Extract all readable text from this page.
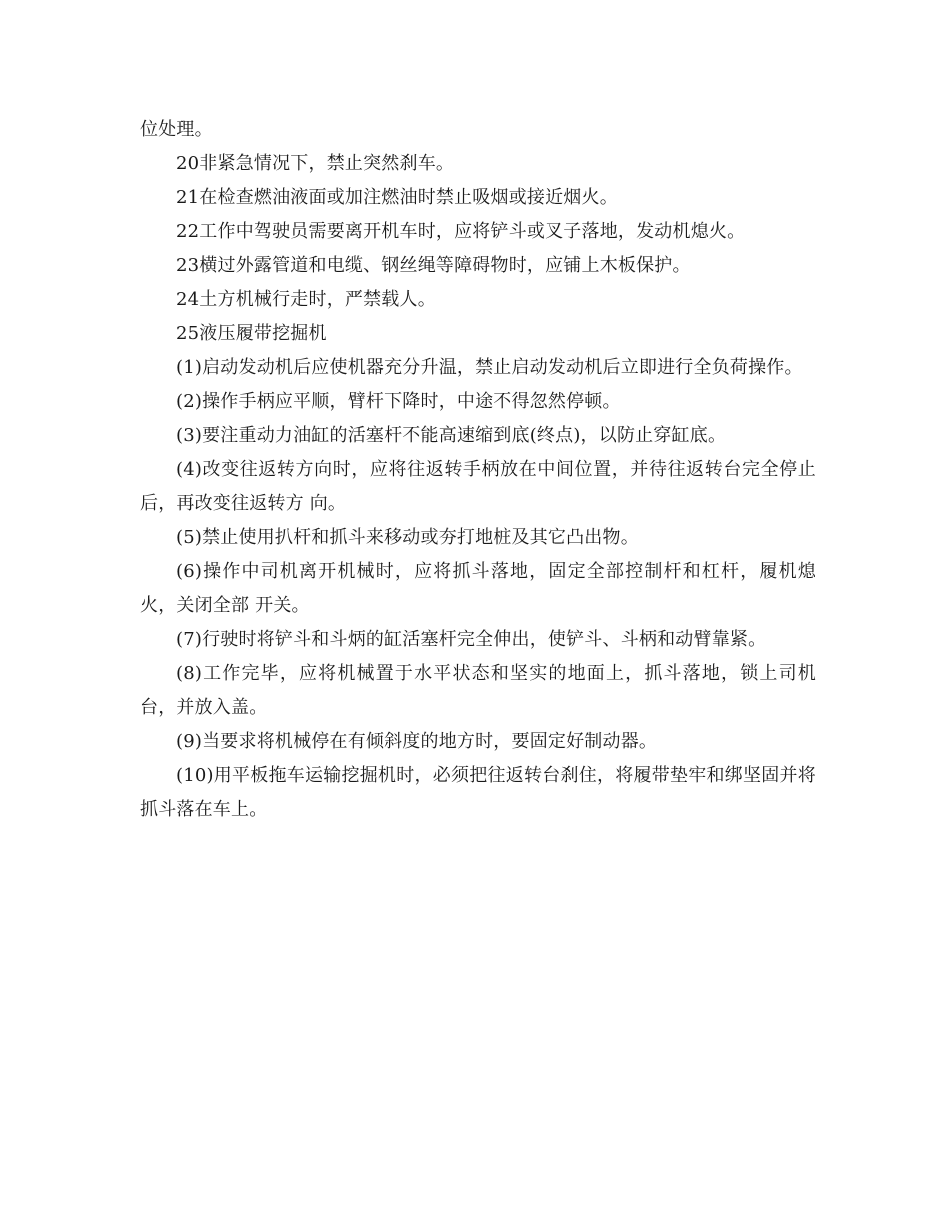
位处理。

20非紧急情况下，禁止突然刹车。

21在检查燃油液面或加注燃油时禁止吸烟或接近烟火。

22工作中驾驶员需要离开机车时，应将铲斗或叉子落地，发动机熄火。

23横过外露管道和电缆、钢丝绳等障碍物时，应铺上木板保护。

24土方机械行走时，严禁载人。

25液压履带挖掘机

(1)启动发动机后应使机器充分升温，禁止启动发动机后立即进行全负荷操作。

(2)操作手柄应平顺，臂杆下降时，中途不得忽然停顿。

(3)要注重动力油缸的活塞杆不能高速缩到底(终点)，以防止穿缸底。

(4)改变往返转方向时，应将往返转手柄放在中间位置，并待往返转台完全停止后，再改变往返转方 向。

(5)禁止使用扒杆和抓斗来移动或夯打地桩及其它凸出物。

(6)操作中司机离开机械时，应将抓斗落地，固定全部控制杆和杠杆，履机熄火，关闭全部 开关。

(7)行驶时将铲斗和斗炳的缸活塞杆完全伸出，使铲斗、斗柄和动臂靠紧。

(8)工作完毕，应将机械置于水平状态和坚实的地面上，抓斗落地，锁上司机台，并放入盖。

(9)当要求将机械停在有倾斜度的地方时，要固定好制动器。

(10)用平板拖车运输挖掘机时，必须把往返转台刹住，将履带垫牢和绑坚固并将抓斗落在车上。
